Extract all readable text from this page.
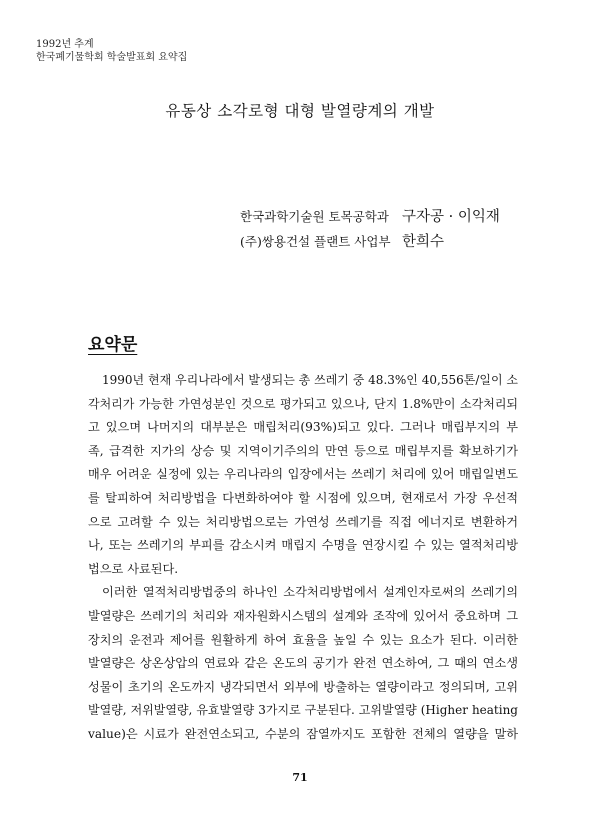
1992년 추계
한국폐기물학회 학술발표회 요약집
유동상 소각로형 대형 발열량계의 개발
한국과학기술원 토목공학과 구자공 · 이익재
(주)쌍용건설 플랜트 사업부 한희수
요약문
1990년 현재 우리나라에서 발생되는 총 쓰레기 중 48.3%인 40,556톤/일이 소
각처리가 가능한 가연성분인 것으로 평가되고 있으나, 단지 1.8%만이 소각처리되
고 있으며 나머지의 대부분은 매립처리(93%)되고 있다. 그러나 매립부지의 부
족, 급격한 지가의 상승 및 지역이기주의의 만연 등으로 매립부지를 확보하기가
매우 어려운 실정에 있는 우리나라의 입장에서는 쓰레기 처리에 있어 매립일변도
를 탈피하여 처리방법을 다변화하여야 할 시점에 있으며, 현재로서 가장 우선적
으로 고려할 수 있는 처리방법으로는 가연성 쓰레기를 직접 에너지로 변환하거
나, 또는 쓰레기의 부피를 감소시켜 매립지 수명을 연장시킬 수 있는 열적처리방
법으로 사료된다.
이러한 열적처리방법중의 하나인 소각처리방법에서 설계인자로써의 쓰레기의
발열량은 쓰레기의 처리와 재자원화시스템의 설계와 조작에 있어서 중요하며 그
장치의 운전과 제어를 원활하게 하여 효율을 높일 수 있는 요소가 된다. 이러한
발열량은 상온상압의 연료와 같은 온도의 공기가 완전 연소하여, 그 때의 연소생
성물이 초기의 온도까지 냉각되면서 외부에 방출하는 열량이라고 정의되며, 고위
발열량, 저위발열량, 유효발열량 3가지로 구분된다. 고위발열량 (Higher heating
value)은 시료가 완전연소되고, 수분의 잠열까지도 포함한 전체의 열량을 말하
71
